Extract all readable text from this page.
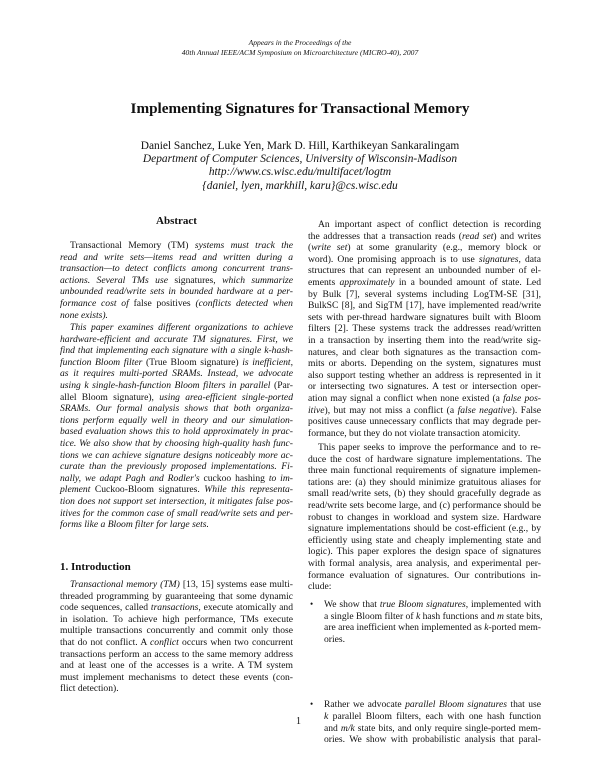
Appears in the Proceedings of the
40th Annual IEEE/ACM Symposium on Microarchitecture (MICRO-40), 2007
Implementing Signatures for Transactional Memory
Daniel Sanchez, Luke Yen, Mark D. Hill, Karthikeyan Sankaralingam
Department of Computer Sciences, University of Wisconsin-Madison
http://www.cs.wisc.edu/multifacet/logtm
{daniel, lyen, markhill, karu}@cs.wisc.edu
Abstract
Transactional Memory (TM) systems must track the
read and write sets—items read and written during a
transaction—to detect conflicts among concurrent trans-
actions. Several TMs use signatures, which summarize
unbounded read/write sets in bounded hardware at a per-
formance cost of false positives (conflicts detected when
none exists).
This paper examines different organizations to achieve
hardware-efficient and accurate TM signatures. First, we
find that implementing each signature with a single k-hash-
function Bloom filter (True Bloom signature) is inefficient,
as it requires multi-ported SRAMs. Instead, we advocate
using k single-hash-function Bloom filters in parallel (Par-
allel Bloom signature), using area-efficient single-ported
SRAMs. Our formal analysis shows that both organiza-
tions perform equally well in theory and our simulation-
based evaluation shows this to hold approximately in prac-
tice. We also show that by choosing high-quality hash func-
tions we can achieve signature designs noticeably more ac-
curate than the previously proposed implementations. Fi-
nally, we adapt Pagh and Rodler's cuckoo hashing to im-
plement Cuckoo-Bloom signatures. While this representa-
tion does not support set intersection, it mitigates false pos-
itives for the common case of small read/write sets and per-
forms like a Bloom filter for large sets.
1. Introduction
Transactional memory (TM) [13, 15] systems ease multi-
threaded programming by guaranteeing that some dynamic
code sequences, called transactions, execute atomically and
in isolation. To achieve high performance, TMs execute
multiple transactions concurrently and commit only those
that do not conflict. A conflict occurs when two concurrent
transactions perform an access to the same memory address
and at least one of the accesses is a write. A TM system
must implement mechanisms to detect these events (con-
flict detection).
An important aspect of conflict detection is recording
the addresses that a transaction reads (read set) and writes
(write set) at some granularity (e.g., memory block or
word). One promising approach is to use signatures, data
structures that can represent an unbounded number of el-
ements approximately in a bounded amount of state. Led
by Bulk [7], several systems including LogTM-SE [31],
BulkSC [8], and SigTM [17], have implemented read/write
sets with per-thread hardware signatures built with Bloom
filters [2]. These systems track the addresses read/written
in a transaction by inserting them into the read/write sig-
natures, and clear both signatures as the transaction com-
mits or aborts. Depending on the system, signatures must
also support testing whether an address is represented in it
or intersecting two signatures. A test or intersection oper-
ation may signal a conflict when none existed (a false pos-
itive), but may not miss a conflict (a false negative). False
positives cause unnecessary conflicts that may degrade per-
formance, but they do not violate transaction atomicity.
This paper seeks to improve the performance and to re-
duce the cost of hardware signature implementations. The
three main functional requirements of signature implemen-
tations are: (a) they should minimize gratuitous aliases for
small read/write sets, (b) they should gracefully degrade as
read/write sets become large, and (c) performance should be
robust to changes in workload and system size. Hardware
signature implementations should be cost-efficient (e.g., by
efficiently using state and cheaply implementing state and
logic). This paper explores the design space of signatures
with formal analysis, area analysis, and experimental per-
formance evaluation of signatures. Our contributions in-
clude:
• We show that true Bloom signatures, implemented with
a single Bloom filter of k hash functions and m state bits,
are area inefficient when implemented as k-ported mem-
ories.
• Rather we advocate parallel Bloom signatures that use
k parallel Bloom filters, each with one hash function
and m/k state bits, and only require single-ported mem-
ories. We show with probabilistic analysis that paral-
1
